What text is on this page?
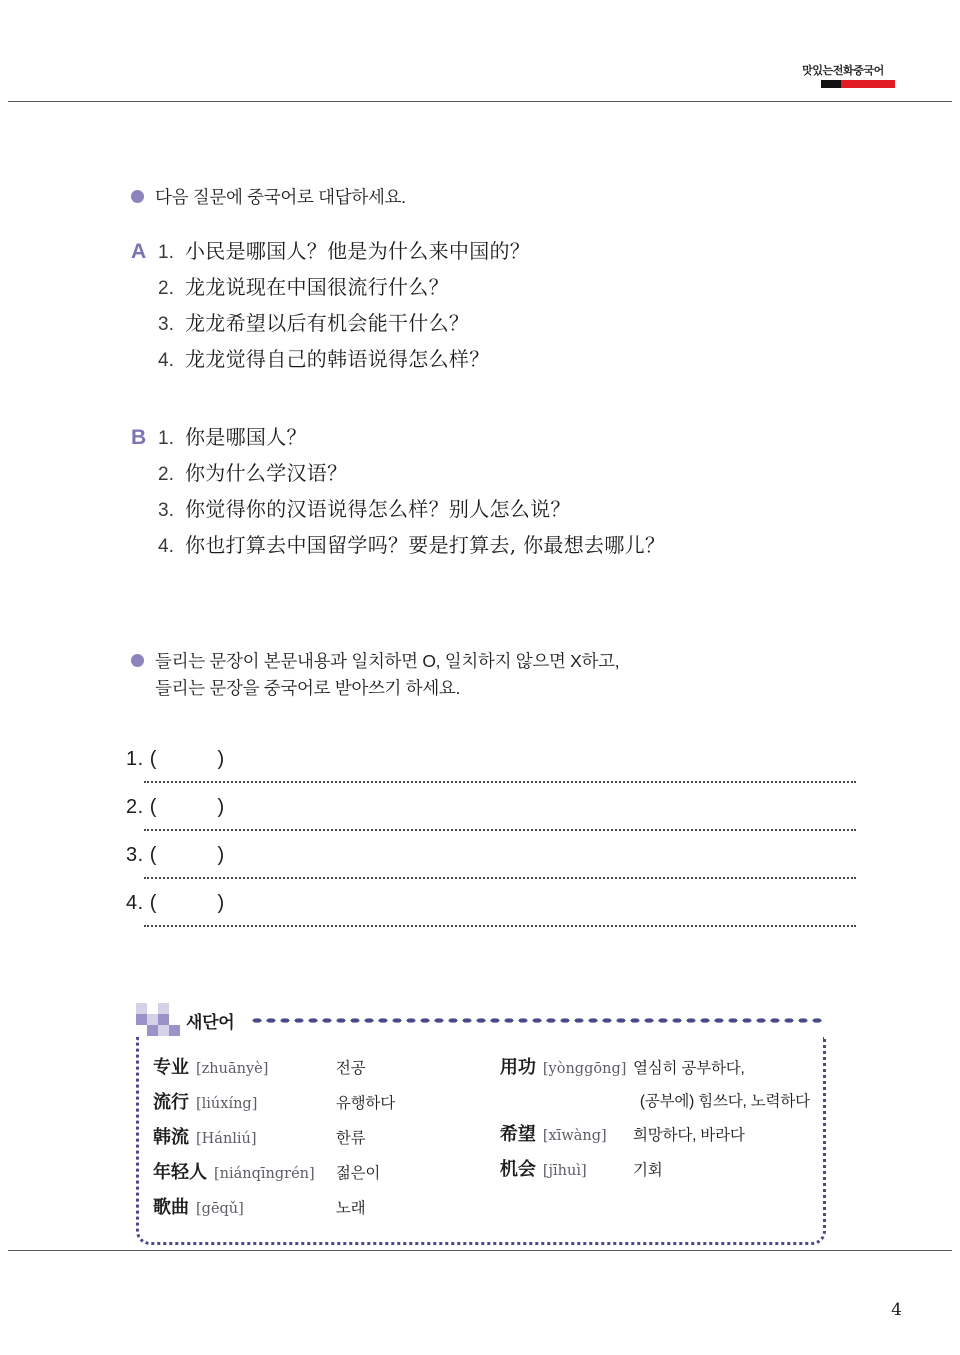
맛있는전화중국어
다음 질문에 중국어로 대답하세요.
A 1. 小民是哪国人？他是为什么来中国的？
2. 龙龙说现在中国很流行什么？
3. 龙龙希望以后有机会能干什么？
4. 龙龙觉得自己的韩语说得怎么样？
B 1. 你是哪国人？
2. 你为什么学汉语？
3. 你觉得你的汉语说得怎么样？别人怎么说？
4. 你也打算去中国留学吗？要是打算去, 你最想去哪儿？
들리는 문장이 본문내용과 일치하면 O, 일치하지 않으면 X하고,
들리는 문장을 중국어로 받아쓰기 하세요.
1. (          )
2. (          )
3. (          )
4. (          )
새단어
专业 [zhuānyè]	전공
流行 [liúxíng]	유행하다
韩流 [Hánliú]	한류
年轻人 [niánqīngrén] 젊은이
歌曲 [gēqǔ]	노래
用功 [yònggōng] 열심히 공부하다,
(공부에) 힘쓰다, 노력하다
希望 [xīwàng] 희망하다, 바라다
机会 [jīhuì]	기회
4
